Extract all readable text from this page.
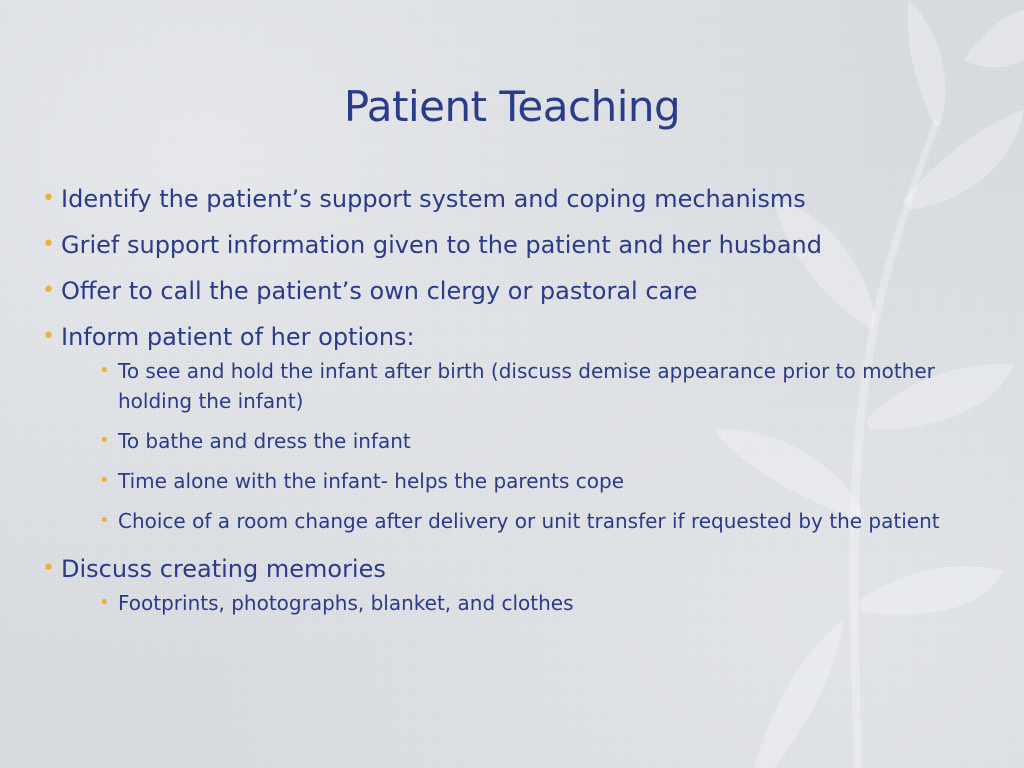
Patient Teaching
• Identify the patient’s support system and coping mechanisms
• Grief support information given to the patient and her husband
• Offer to call the patient’s own clergy or pastoral care
• Inform patient of her options:
• To see and hold the infant after birth (discuss demise appearance prior to mother holding the infant)
• To bathe and dress the infant
• Time alone with the infant- helps the parents cope
• Choice of a room change after delivery or unit transfer if requested by the patient
• Discuss creating memories
• Footprints, photographs, blanket, and clothes
